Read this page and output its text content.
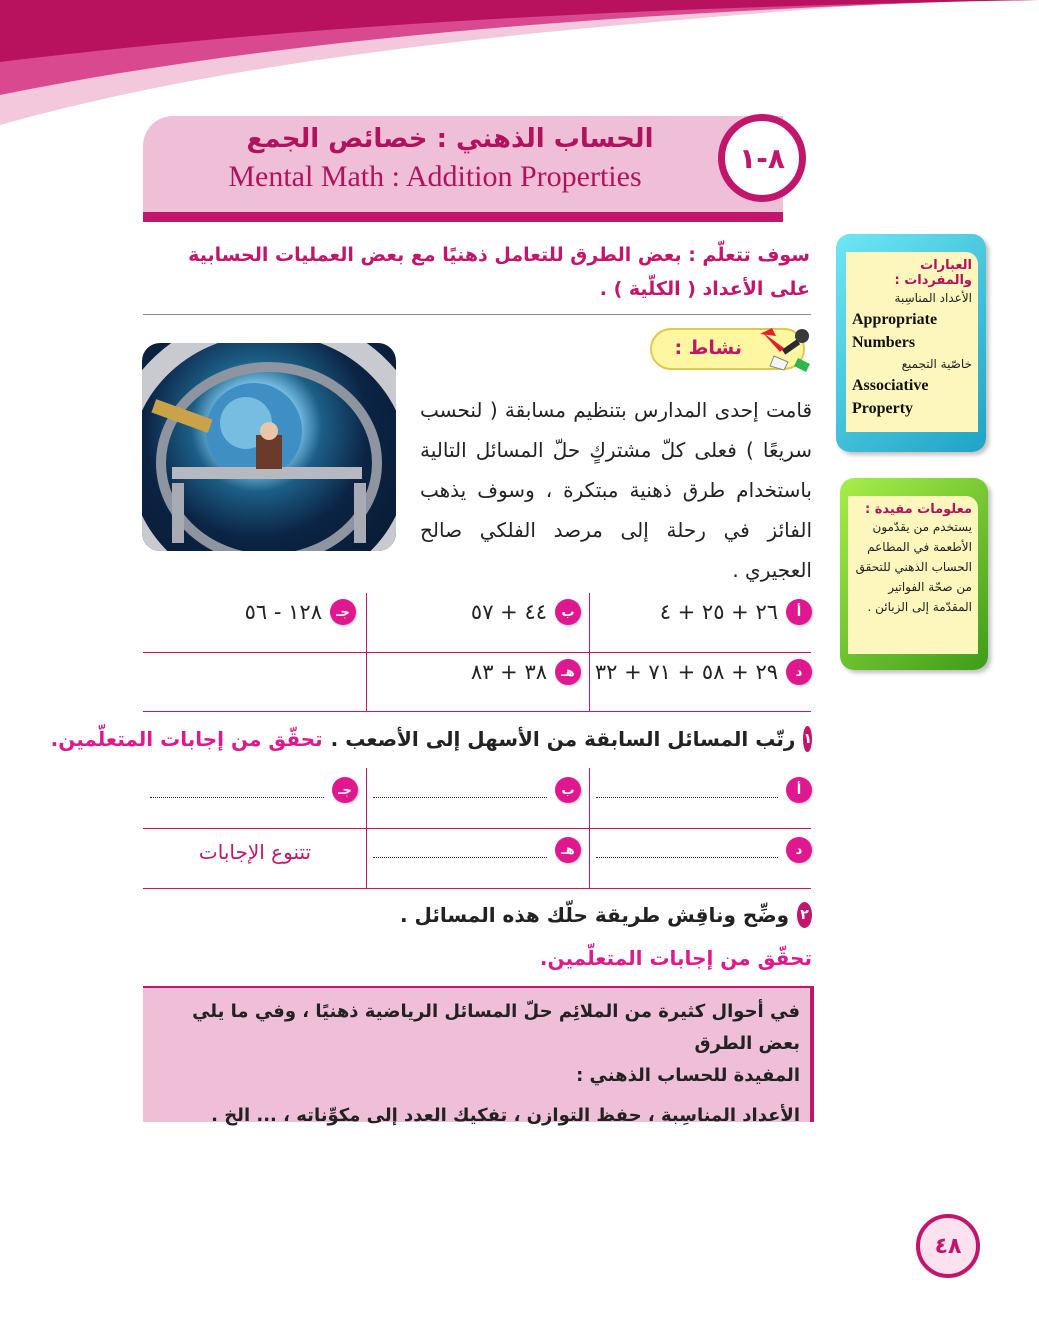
الحساب الذهني : خصائص الجمع
Mental Math : Addition Properties
٨-١
سوف تتعلّم : بعض الطرق للتعامل ذهنيًا مع بعض العمليات الحسابية على الأعداد ( الكلّية ) .
العبارات والمفردات :
الأعداد المناسِبة
Appropriate Numbers
خاصّية التجميع
Associative Property
معلومات مفيدة :
يستخدم من يقدّمون الأطعمة في المطاعم الحساب الذهني للتحقق من صحّة الفواتير المقدّمة إلى الزبائن .
نشاط :
قامت إحدى المدارس بتنظيم مسابقة ( لنحسب سريعًا ) فعلى كلّ مشتركٍ حلّ المسائل التالية باستخدام طرق ذهنية مبتكرة ، وسوف يذهب الفائز في رحلة إلى مرصد الفلكي صالح العجيري .
أ
٢٦ + ٢٥ + ٤
ب
٤٤ + ٥٧
جـ
١٢٨ - ٥٦
د
٢٩ + ٥٨ + ٧١ + ٣٢
هـ
٣٨ + ٨٣
١
رتّب المسائل السابقة من الأسهل إلى الأصعب .
تحقّق من إجابات المتعلّمين.
أ
ب
جـ
د
هـ
تتنوع الإجابات
٢
وضِّح وناقِش طريقة حلّك هذه المسائل .
تحقّق من إجابات المتعلّمين.
في أحوال كثيرة من الملائِم حلّ المسائل الرياضية ذهنيًا ، وفي ما يلي بعض الطرق
المفيدة للحساب الذهني :
الأعداد المناسِبة ، حفظ التوازن ، تفكيك العدد إلى مكوِّناته ، ... الخ .
٤٨
